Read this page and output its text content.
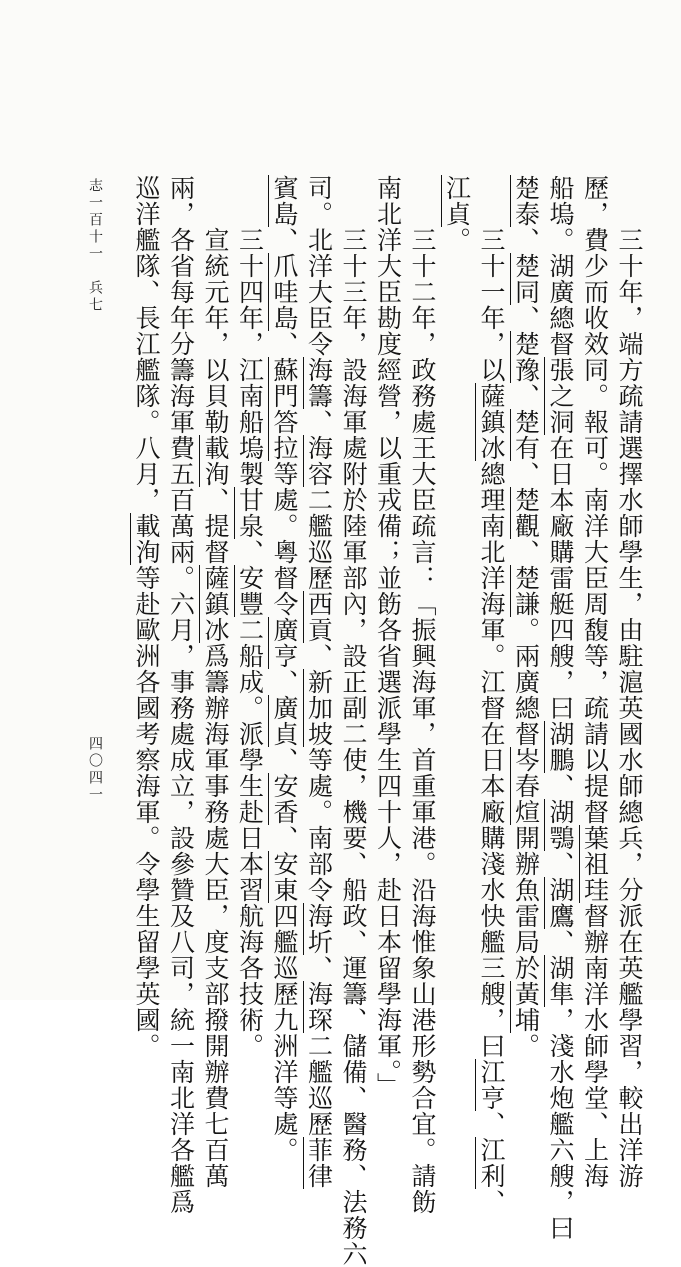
　　三十年，端方疏請選擇水師學生，由駐滬英國水師總兵，分派在英艦學習，較出洋游
歷，費少而收效同。報可。南洋大臣周馥等，疏請以提督葉祖珪督辦南洋水師學堂、上海
船塢。湖廣總督張之洞在日本廠購雷艇四艘，曰湖鵬、湖鶚、湖鷹、湖隼，淺水炮艦六艘，曰
楚泰、楚同、楚豫、楚有、楚觀、楚謙。兩廣總督岑春煊開辦魚雷局於黃埔。
　　三十一年，以薩鎮冰總理南北洋海軍。江督在日本廠購淺水快艦三艘，曰江亨、江利、
江貞。
　　三十二年，政務處王大臣疏言：「振興海軍，首重軍港。沿海惟象山港形勢合宜。請飭
南北洋大臣勘度經營，以重戎備；並飭各省選派學生四十人，赴日本留學海軍。」
　　三十三年，設海軍處附於陸軍部內，設正副二使，機要、船政、運籌、儲備、醫務、法務六
司。北洋大臣令海籌、海容二艦巡歷西貢、新加坡等處。南部令海圻、海琛二艦巡歷菲律
賓島、爪哇島、蘇門答拉等處。粵督令廣亨、廣貞、安香、安東四艦巡歷九洲洋等處。
　　三十四年，江南船塢製甘泉、安豐二船成。派學生赴日本習航海各技術。
　　宣統元年，以貝勒載洵、提督薩鎮冰爲籌辦海軍事務處大臣，度支部撥開辦費七百萬
兩，各省每年分籌海軍費五百萬兩。六月，事務處成立，設參贊及八司，統一南北洋各艦爲
巡洋艦隊、長江艦隊。八月，載洵等赴歐洲各國考察海軍。令學生留學英國。
志一百十一　兵七
四〇四一
